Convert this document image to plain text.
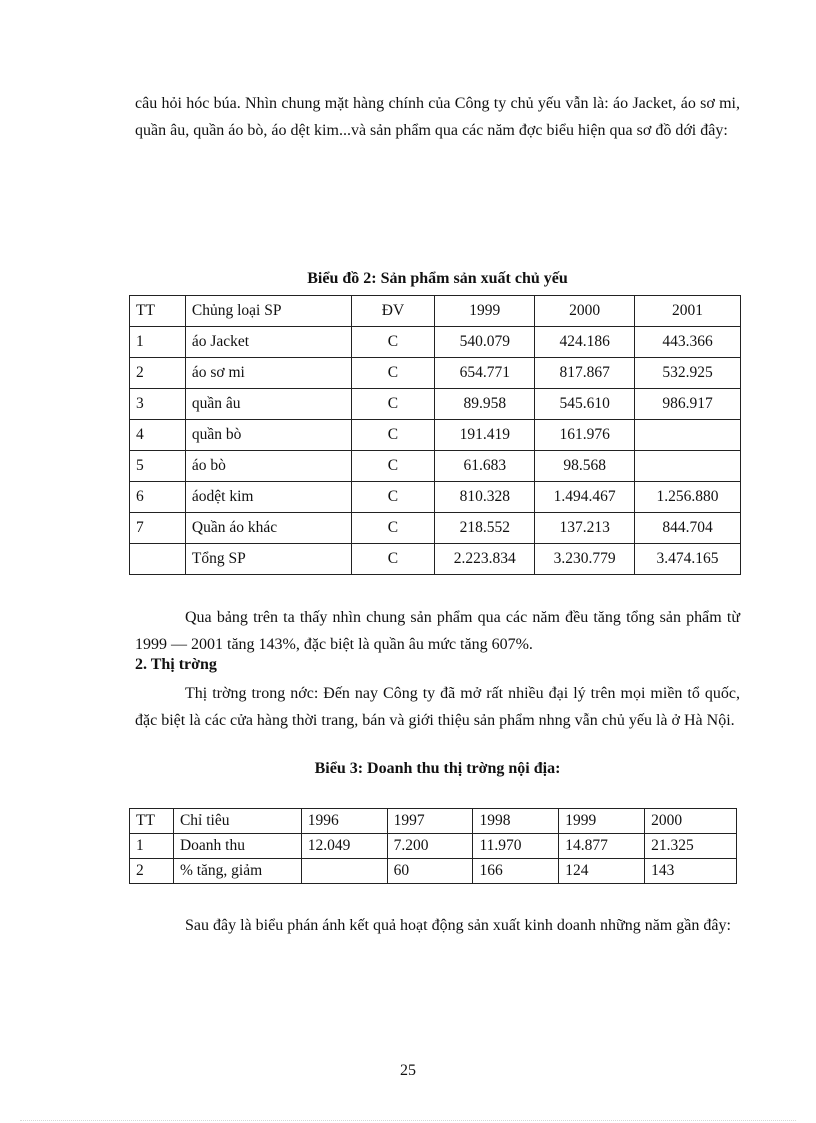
câu hỏi hóc búa. Nhìn chung mặt hàng chính của Công ty chủ yếu vẫn là: áo Jacket, áo sơ mi, quần âu, quần áo bò, áo dệt kim...và sản phẩm qua các năm đợc biểu hiện qua sơ đồ dới đây:

Biểu đồ 2: Sản phẩm sản xuất chủ yếu
TT	Chủng loại SP	ĐV	1999	2000	2001
1	áo Jacket	C	540.079	424.186	443.366
2	áo sơ mi	C	654.771	817.867	532.925
3	quần âu	C	89.958	545.610	986.917
4	quần bò	C	191.419	161.976	
5	áo bò	C	61.683	98.568	
6	áodệt kim	C	810.328	1.494.467	1.256.880
7	Quần áo khác	C	218.552	137.213	844.704
	Tổng SP	C	2.223.834	3.230.779	3.474.165

Qua bảng trên ta thấy nhìn chung sản phẩm qua các năm đều tăng tổng sản phẩm từ 1999 — 2001 tăng 143%, đặc biệt là quần âu mức tăng 607%.

2. Thị trờng

Thị trờng trong nớc: Đến nay Công ty đã mở rất nhiều đại lý trên mọi miền tổ quốc, đặc biệt là các cửa hàng thời trang, bán và giới thiệu sản phẩm nhng vẫn chủ yếu là ở Hà Nội.

Biểu 3: Doanh thu thị trờng nội địa:
TT	Chỉ tiêu	1996	1997	1998	1999	2000
1	Doanh thu	12.049	7.200	11.970	14.877	21.325
2	% tăng, giảm		60	166	124	143

Sau đây là biểu phán ánh kết quả hoạt động sản xuất kinh doanh những năm gần đây:

25
